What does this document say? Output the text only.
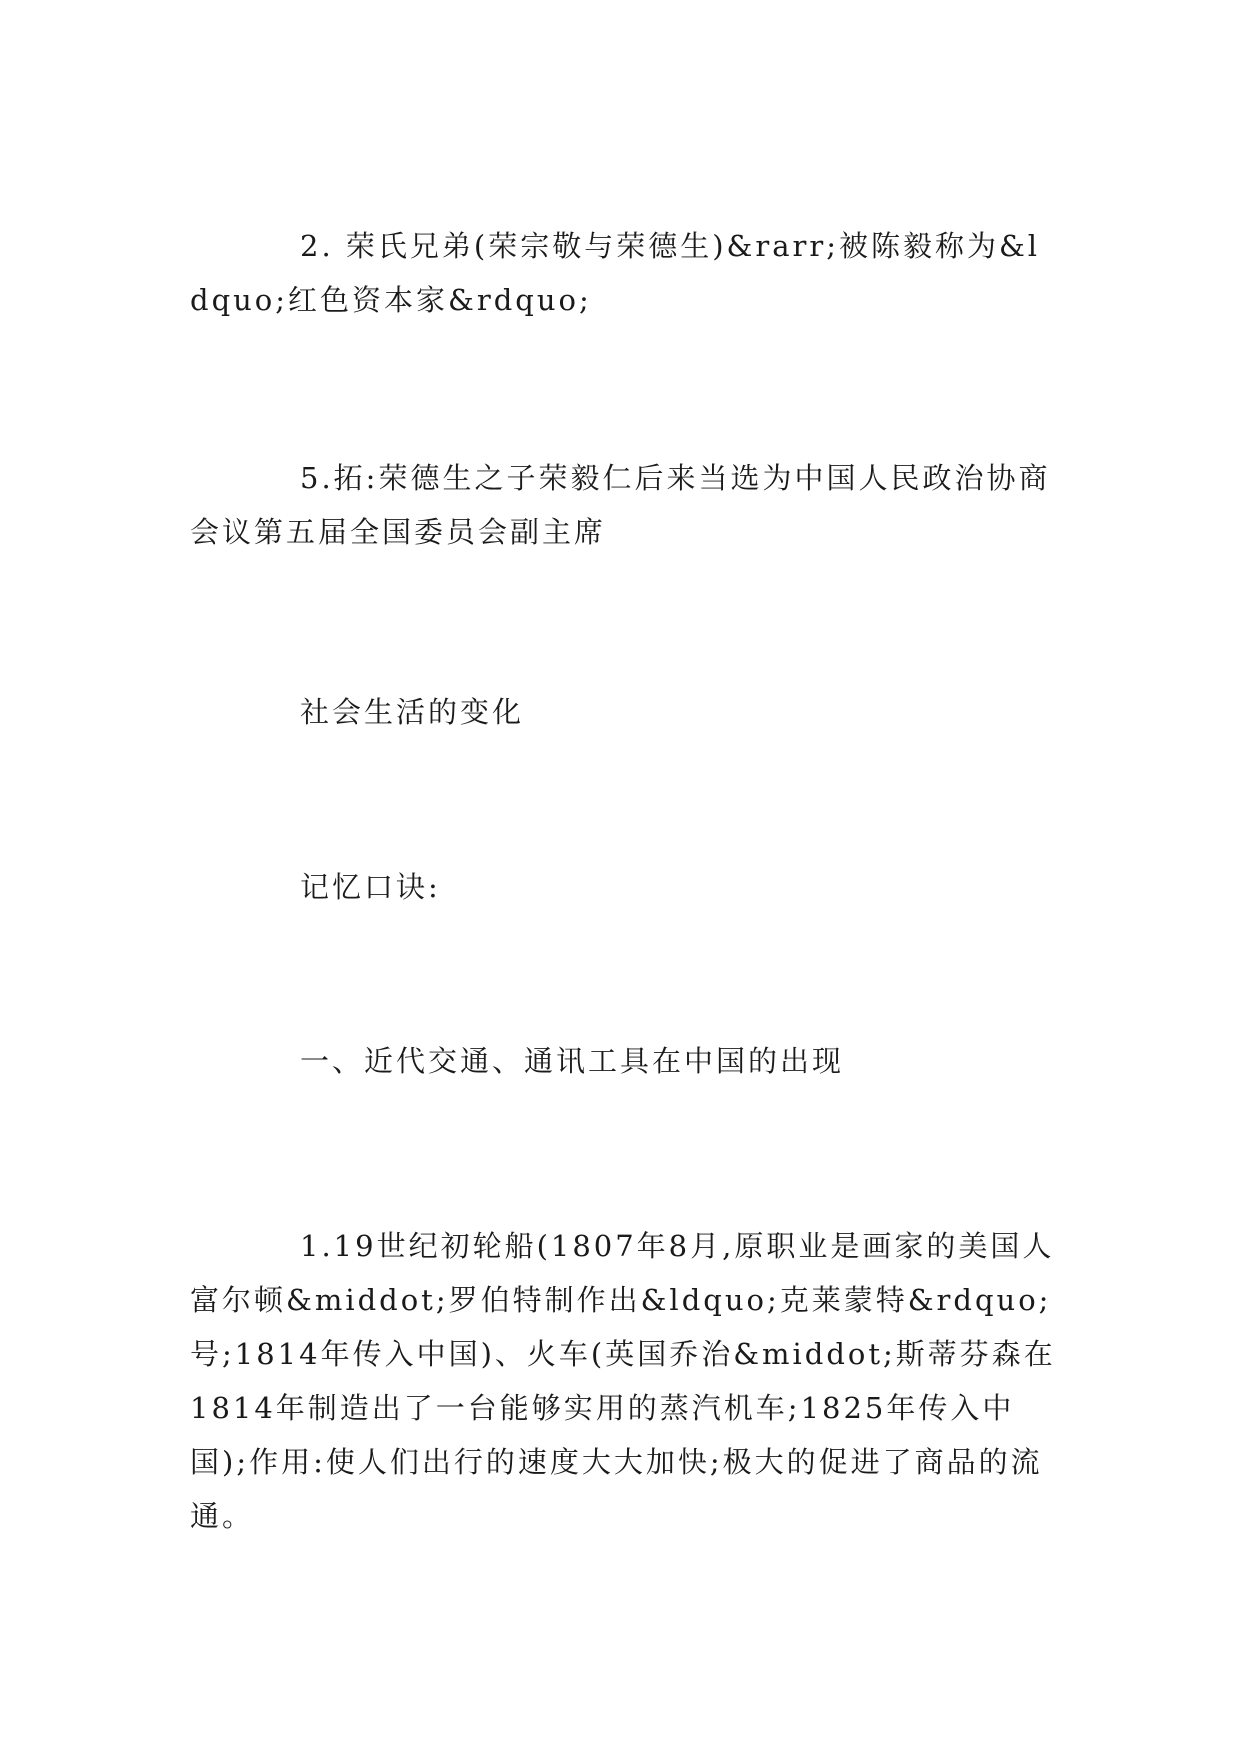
2. 荣氏兄弟(荣宗敬与荣德生)&rarr;被陈毅称为&ldquo;红色资本家&rdquo;

5.拓:荣德生之子荣毅仁后来当选为中国人民政治协商会议第五届全国委员会副主席

社会生活的变化

记忆口诀:

一、近代交通、通讯工具在中国的出现

1.19世纪初轮船(1807年8月,原职业是画家的美国人富尔顿&middot;罗伯特制作出&ldquo;克莱蒙特&rdquo;号;1814年传入中国)、火车(英国乔治&middot;斯蒂芬森在1814年制造出了一台能够实用的蒸汽机车;1825年传入中国);作用:使人们出行的速度大大加快;极大的促进了商品的流通。
